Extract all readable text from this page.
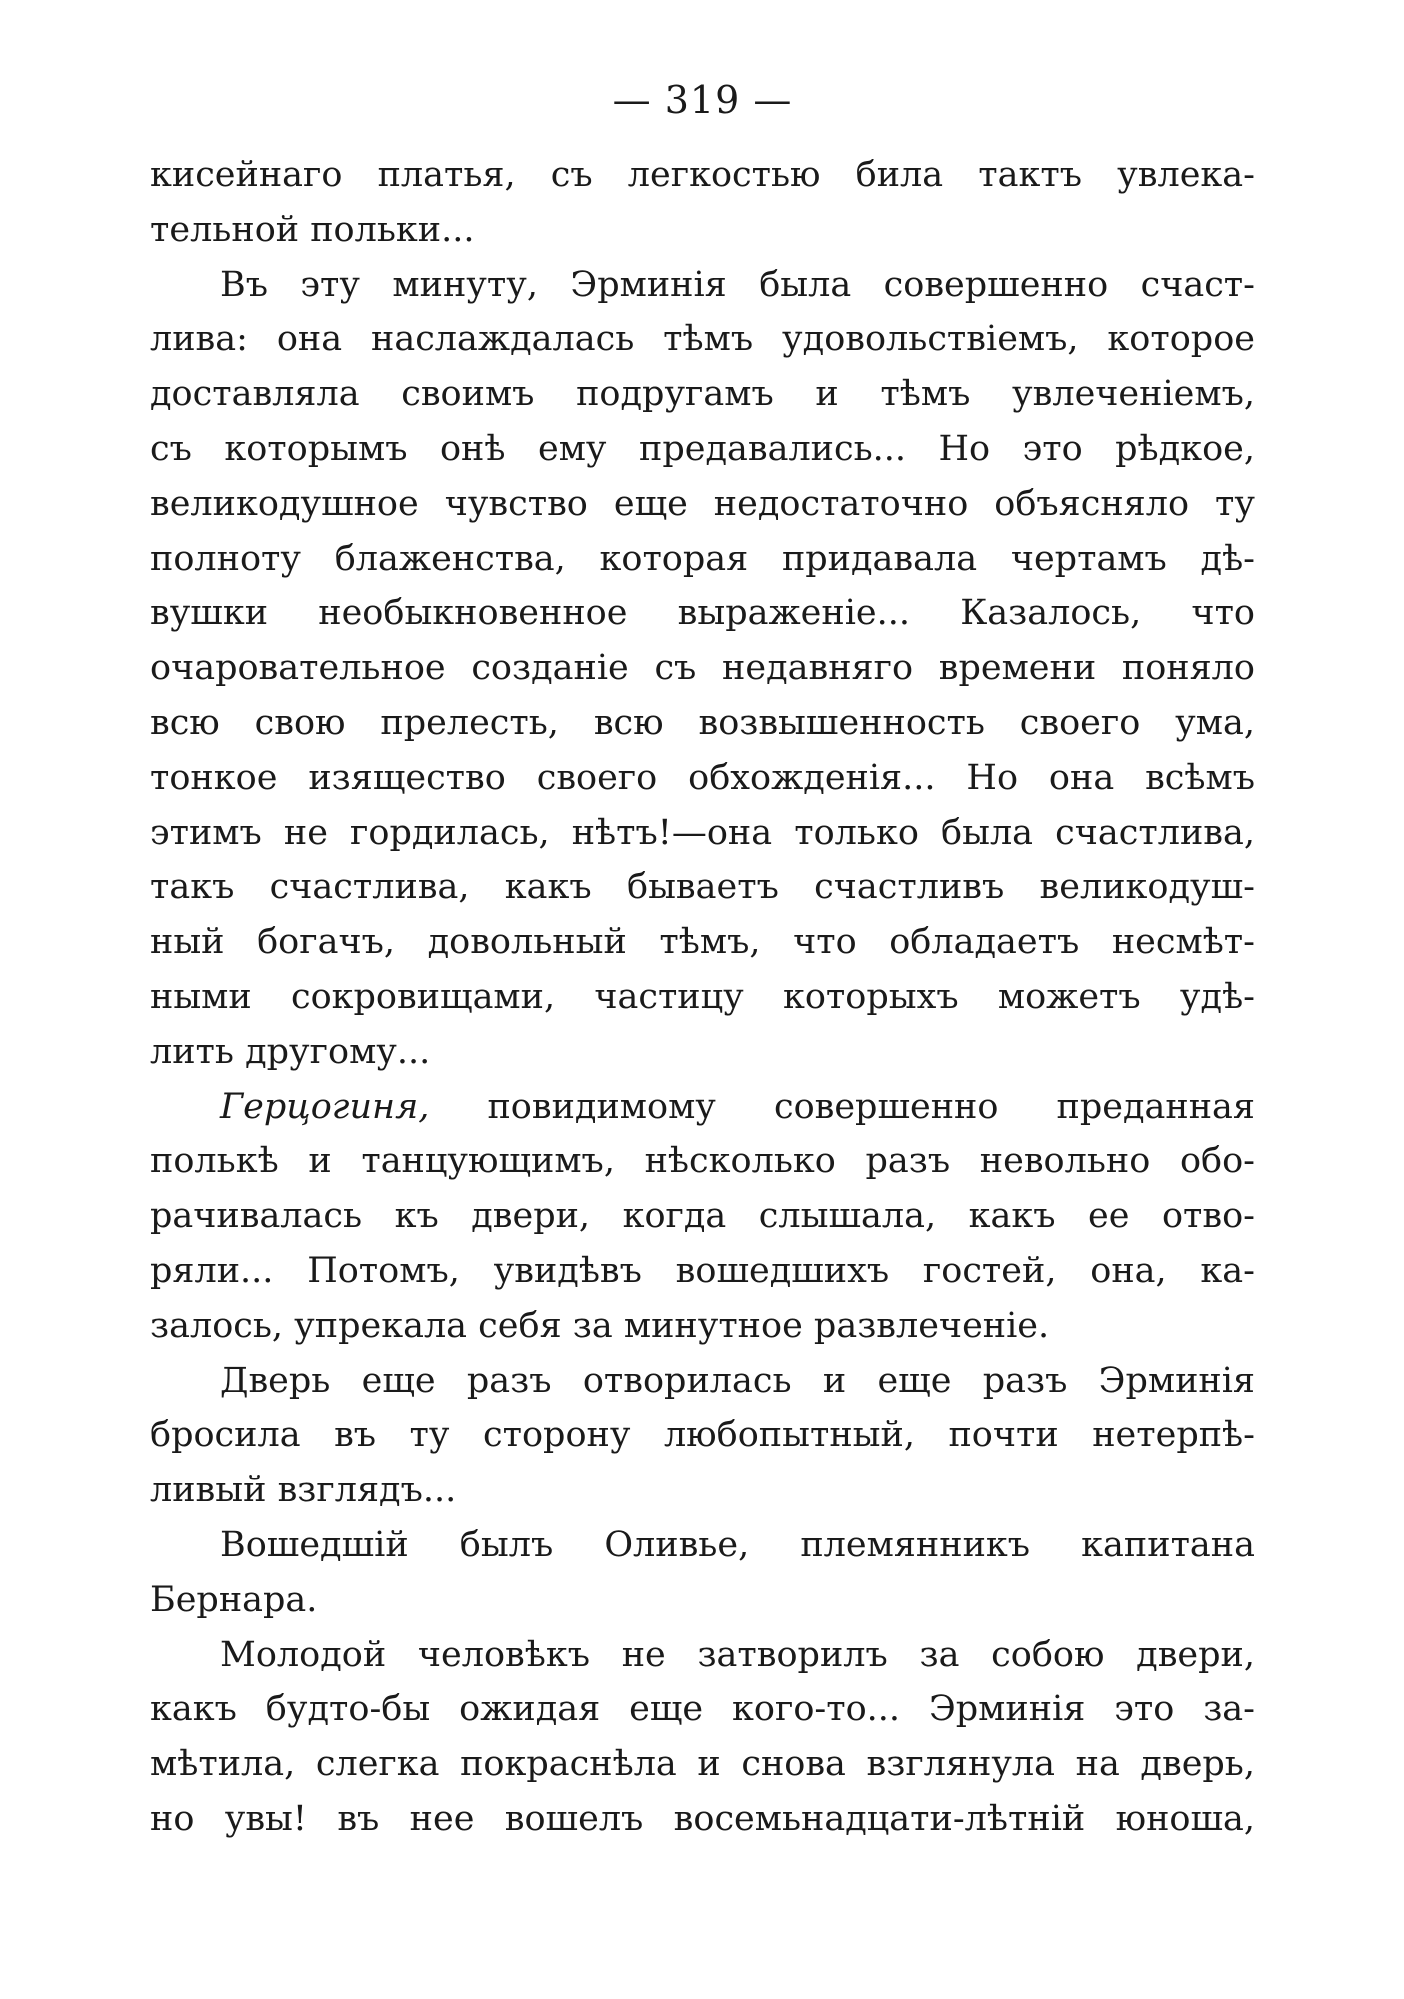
— 319 —
кисейнаго платья, съ легкостью била тактъ увлека-
тельной польки...
Въ эту минуту, Эрминія была совершенно счаст-
лива: она наслаждалась тѣмъ удовольствіемъ, которое
доставляла своимъ подругамъ и тѣмъ увлеченіемъ,
съ которымъ онѣ ему предавались... Но это рѣдкое,
великодушное чувство еще недостаточно объясняло ту
полноту блаженства, которая придавала чертамъ дѣ-
вушки необыкновенное выраженіе... Казалось, что
очаровательное созданіе съ недавняго времени поняло
всю свою прелесть, всю возвышенность своего ума,
тонкое изящество своего обхожденія... Но она всѣмъ
этимъ не гордилась, нѣтъ!—она только была счастлива,
такъ счастлива, какъ бываетъ счастливъ великодуш-
ный богачъ, довольный тѣмъ, что обладаетъ несмѣт-
ными сокровищами, частицу которыхъ можетъ удѣ-
лить другому...
Герцогиня, повидимому совершенно преданная
полькѣ и танцующимъ, нѣсколько разъ невольно обо-
рачивалась къ двери, когда слышала, какъ ее отво-
ряли... Потомъ, увидѣвъ вошедшихъ гостей, она, ка-
залось, упрекала себя за минутное развлеченіе.
Дверь еще разъ отворилась и еще разъ Эрминія
бросила въ ту сторону любопытный, почти нетерпѣ-
ливый взглядъ...
Вошедшій былъ Оливье, племянникъ капитана
Бернара.
Молодой человѣкъ не затворилъ за собою двери,
какъ будто-бы ожидая еще кого-то... Эрминія это за-
мѣтила, слегка покраснѣла и снова взглянула на дверь,
но увы! въ нее вошелъ восемьнадцати-лѣтній юноша,
